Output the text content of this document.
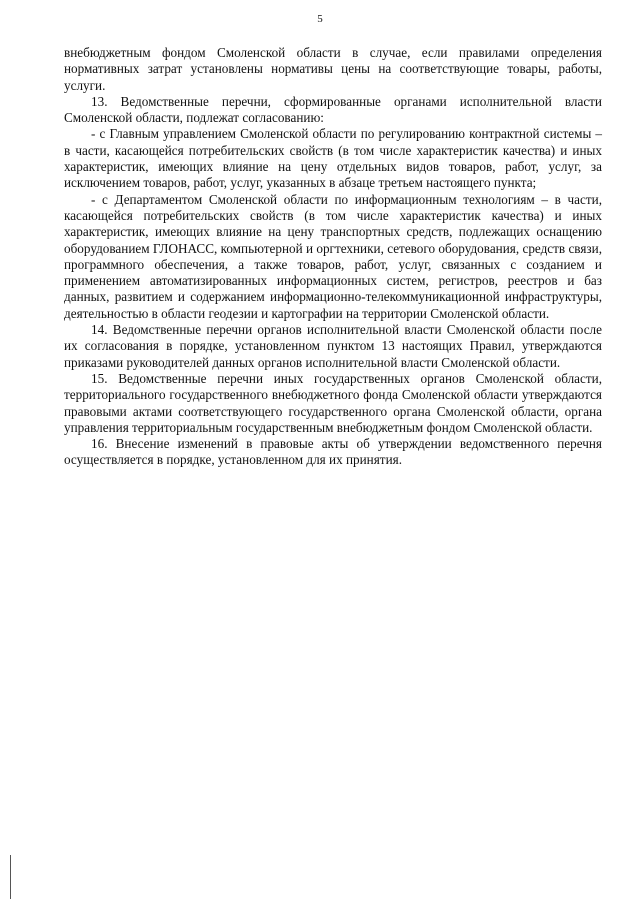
5

внебюджетным фондом Смоленской области в случае, если правилами определения нормативных затрат установлены нормативы цены на соответствующие товары, работы, услуги.

13. Ведомственные перечни, сформированные органами исполнительной власти Смоленской области, подлежат согласованию:

- с Главным управлением Смоленской области по регулированию контрактной системы – в части, касающейся потребительских свойств (в том числе характеристик качества) и иных характеристик, имеющих влияние на цену отдельных видов товаров, работ, услуг, за исключением товаров, работ, услуг, указанных в абзаце третьем настоящего пункта;

- с Департаментом Смоленской области по информационным технологиям – в части, касающейся потребительских свойств (в том числе характеристик качества) и иных характеристик, имеющих влияние на цену транспортных средств, подлежащих оснащению оборудованием ГЛОНАСС, компьютерной и оргтехники, сетевого оборудования, средств связи, программного обеспечения, а также товаров, работ, услуг, связанных с созданием и применением автоматизированных информационных систем, регистров, реестров и баз данных, развитием и содержанием информационно-телекоммуникационной инфраструктуры, деятельностью в области геодезии и картографии на территории Смоленской области.

14. Ведомственные перечни органов исполнительной власти Смоленской области после их согласования в порядке, установленном пунктом 13 настоящих Правил, утверждаются приказами руководителей данных органов исполнительной власти Смоленской области.

15. Ведомственные перечни иных государственных органов Смоленской области, территориального государственного внебюджетного фонда Смоленской области утверждаются правовыми актами соответствующего государственного органа Смоленской области, органа управления территориальным государственным внебюджетным фондом Смоленской области.

16. Внесение изменений в правовые акты об утверждении ведомственного перечня осуществляется в порядке, установленном для их принятия.
